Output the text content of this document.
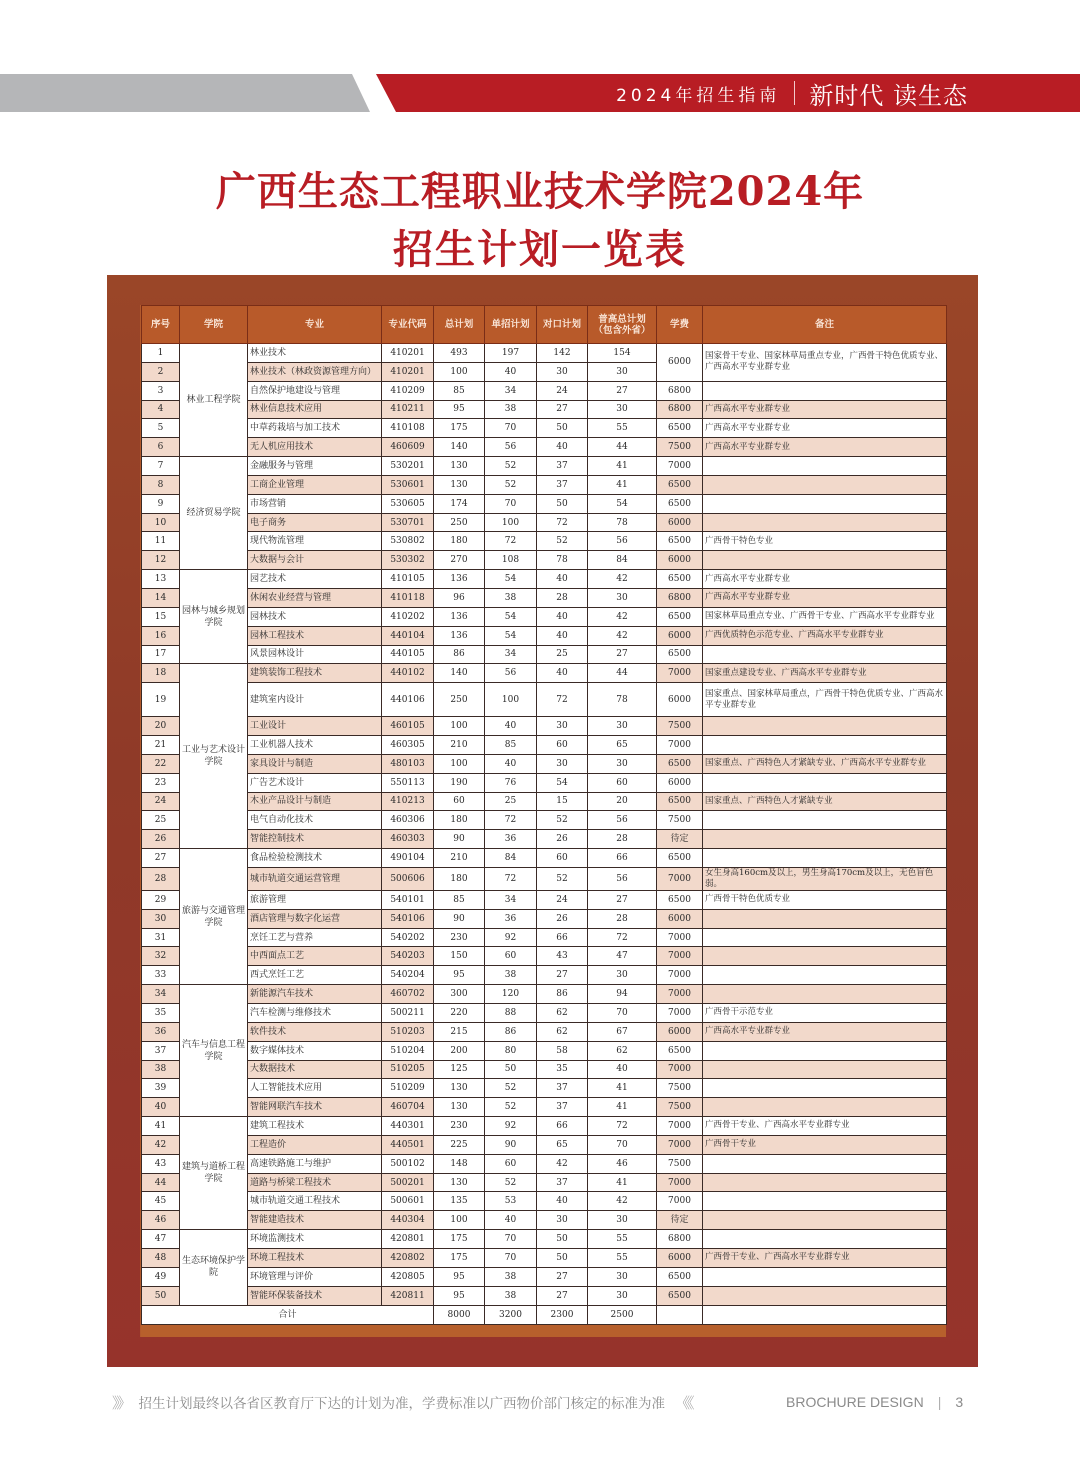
2024年招生指南 新时代 读生态
广西生态工程职业技术学院2024年
招生计划一览表
序号	学院	专业	专业代码	总计划	单招计划	对口计划	普高总计划
（包含外省）	学费	备注
1	林业工程学院	林业技术	410201	493	197	142	154	6000	国家骨干专业、国家林草局重点专业，广西骨干特色优质专业、广西高水平专业群专业
2		林业技术（林政资源管理方向）	410201	100	40	30	30		
3		自然保护地建设与管理	410209	85	34	24	27	6800	
4		林业信息技术应用	410211	95	38	27	30	6800	广西高水平专业群专业
5		中草药栽培与加工技术	410108	175	70	50	55	6500	广西高水平专业群专业
6		无人机应用技术	460609	140	56	40	44	7500	广西高水平专业群专业
7	经济贸易学院	金融服务与管理	530201	130	52	37	41	7000	
8		工商企业管理	530601	130	52	37	41	6500	
9		市场营销	530605	174	70	50	54	6500	
10		电子商务	530701	250	100	72	78	6000	
11		现代物流管理	530802	180	72	52	56	6500	广西骨干特色专业
12		大数据与会计	530302	270	108	78	84	6000	
13	园林与城乡规划学院	园艺技术	410105	136	54	40	42	6500	广西高水平专业群专业
14		休闲农业经营与管理	410118	96	38	28	30	6800	广西高水平专业群专业
15		园林技术	410202	136	54	40	42	6500	国家林草局重点专业、广西骨干专业、广西高水平专业群专业
16		园林工程技术	440104	136	54	40	42	6000	广西优质特色示范专业、广西高水平专业群专业
17		风景园林设计	440105	86	34	25	27	6500	
18	工业与艺术设计学院	建筑装饰工程技术	440102	140	56	40	44	7000	国家重点建设专业、广西高水平专业群专业
19		建筑室内设计	440106	250	100	72	78	6000	国家重点、国家林草局重点，广西骨干特色优质专业、广西高水平专业群专业
20		工业设计	460105	100	40	30	30	7500	
21		工业机器人技术	460305	210	85	60	65	7000	
22		家具设计与制造	480103	100	40	30	30	6500	国家重点、广西特色人才紧缺专业、广西高水平专业群专业
23		广告艺术设计	550113	190	76	54	60	6000	
24		木业产品设计与制造	410213	60	25	15	20	6500	国家重点、广西特色人才紧缺专业
25		电气自动化技术	460306	180	72	52	56	7500	
26		智能控制技术	460303	90	36	26	28	待定	
27	旅游与交通管理学院	食品检验检测技术	490104	210	84	60	66	6500	
28		城市轨道交通运营管理	500606	180	72	52	56	7000	女生身高160cm及以上，男生身高170cm及以上，无色盲色弱。
29		旅游管理	540101	85	34	24	27	6500	广西骨干特色优质专业
30		酒店管理与数字化运营	540106	90	36	26	28	6000	
31		烹饪工艺与营养	540202	230	92	66	72	7000	
32		中西面点工艺	540203	150	60	43	47	7000	
33		西式烹饪工艺	540204	95	38	27	30	7000	
34	汽车与信息工程学院	新能源汽车技术	460702	300	120	86	94	7000	
35		汽车检测与维修技术	500211	220	88	62	70	7000	广西骨干示范专业
36		软件技术	510203	215	86	62	67	6000	广西高水平专业群专业
37		数字媒体技术	510204	200	80	58	62	6500	
38		大数据技术	510205	125	50	35	40	7000	
39		人工智能技术应用	510209	130	52	37	41	7500	
40		智能网联汽车技术	460704	130	52	37	41	7500	
41	建筑与道桥工程学院	建筑工程技术	440301	230	92	66	72	7000	广西骨干专业、广西高水平专业群专业
42		工程造价	440501	225	90	65	70	7000	广西骨干专业
43		高速铁路施工与维护	500102	148	60	42	46	7500	
44		道路与桥梁工程技术	500201	130	52	37	41	7000	
45		城市轨道交通工程技术	500601	135	53	40	42	7000	
46		智能建造技术	440304	100	40	30	30	待定	
47	生态环境保护学院	环境监测技术	420801	175	70	50	55	6800	
48		环境工程技术	420802	175	70	50	55	6000	广西骨干专业、广西高水平专业群专业
49		环境管理与评价	420805	95	38	27	30	6500	
50		智能环保装备技术	420811	95	38	27	30	6500	
合计				8000	3200	2300	2500		
》》 招生计划最终以各省区教育厅下达的计划为准，学费标准以广西物价部门核定的标准为准 《《	BROCHURE DESIGN | 3
